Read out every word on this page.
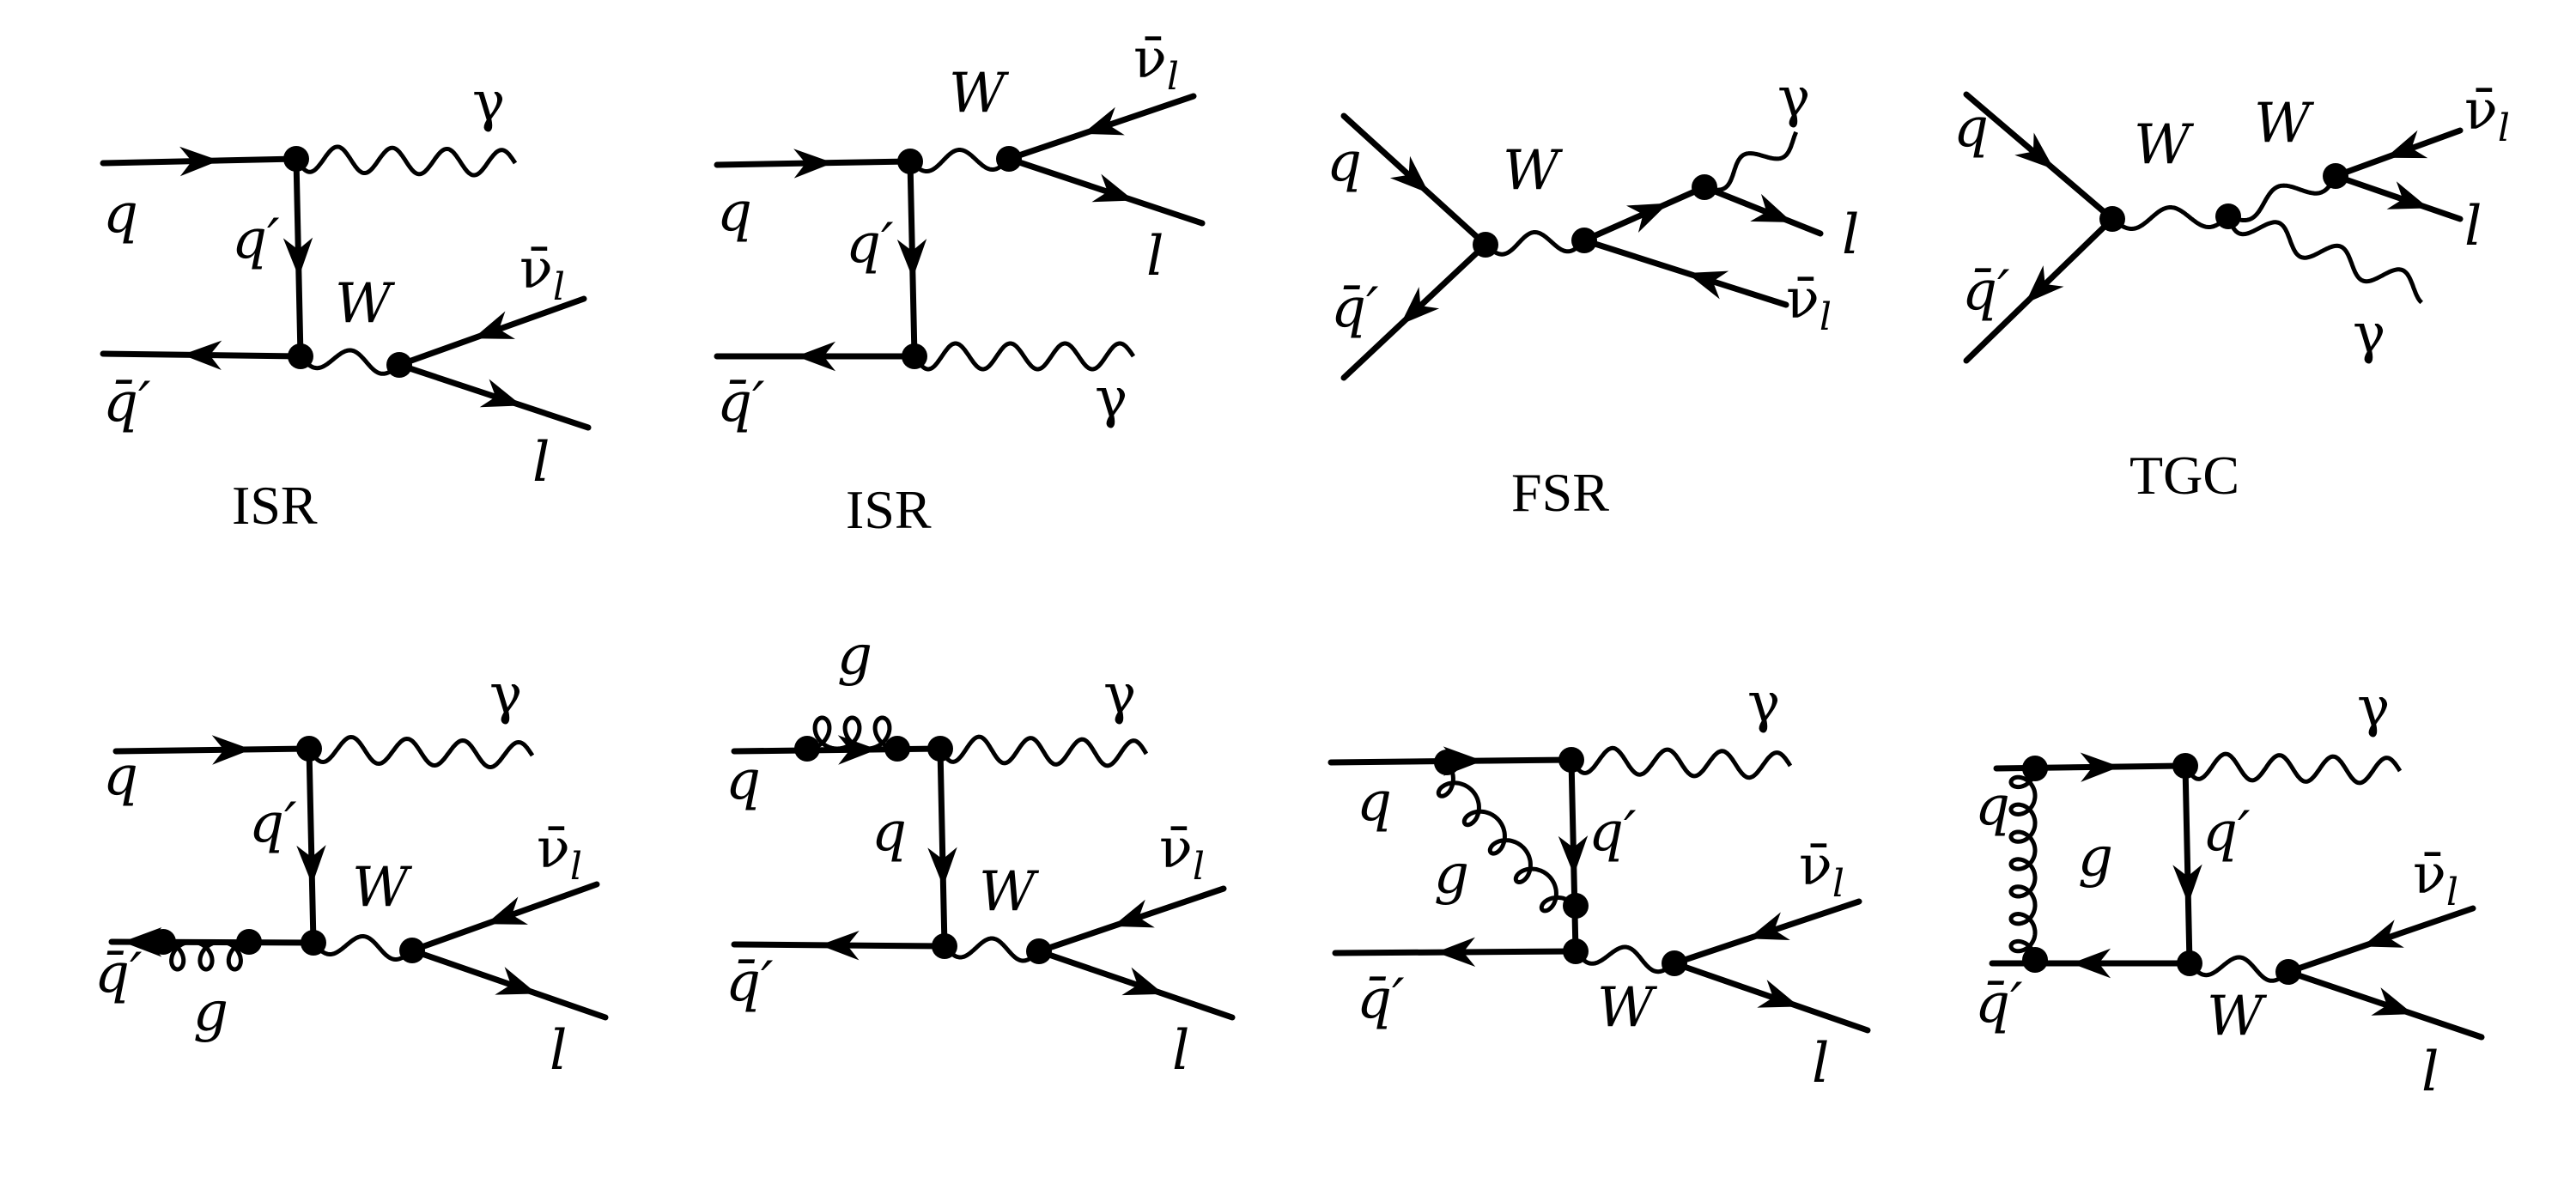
q q′
q̄′
γ
W
$\nū_l$
l
ISR
q q′
q̄′
W
γ
$\nū_l$
l
ISR
q
q̄′
W
γ
l
$\nū_l$
FSR
q
q̄′
W W	$\nū_l$
l
γ
TGC
q
q′
q̄′
γ
W
g
$\nū_l$
l
q
g
q
q̄′
γ
W
$\nū_l$
l
q
g
q′
q̄′
γ
W
$\nū_l$
l
q
g q′
q̄′
γ
W
$\nū_l$
l
